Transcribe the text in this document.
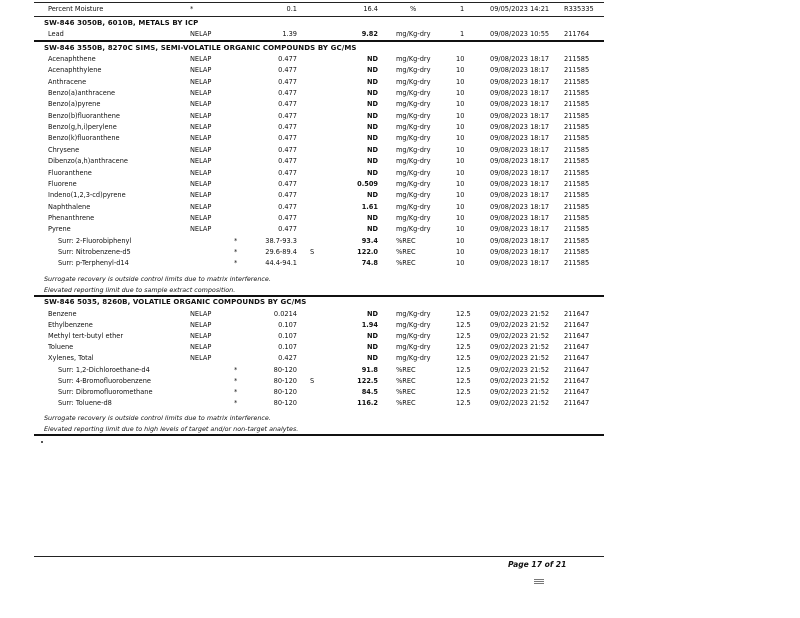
Percent Moisture	*	0.1	16.4	%	1	09/05/2023 14:21 R335335
SW-846 3050B, 6010B, METALS BY ICP
Lead	NELAP	1.39	9.82	mg/Kg-dry	1	09/08/2023 10:55 211764
SW-846 3550B, 8270C SIMS, SEMI-VOLATILE ORGANIC COMPOUNDS BY GC/MS
Acenaphthene	NELAP	0.477	ND	mg/Kg-dry	10	09/08/2023 18:17 211585
Acenaphthylene	NELAP	0.477	ND	mg/Kg-dry	10	09/08/2023 18:17 211585
Anthracene	NELAP	0.477	ND	mg/Kg-dry	10	09/08/2023 18:17 211585
Benzo(a)anthracene	NELAP	0.477	ND	mg/Kg-dry	10	09/08/2023 18:17 211585
Benzo(a)pyrene	NELAP	0.477	ND	mg/Kg-dry	10	09/08/2023 18:17 211585
Benzo(b)fluoranthene	NELAP	0.477	ND	mg/Kg-dry	10	09/08/2023 18:17 211585
Benzo(g,h,i)perylene	NELAP	0.477	ND	mg/Kg-dry	10	09/08/2023 18:17 211585
Benzo(k)fluoranthene	NELAP	0.477	ND	mg/Kg-dry	10	09/08/2023 18:17 211585
Chrysene	NELAP	0.477	ND	mg/Kg-dry	10	09/08/2023 18:17 211585
Dibenzo(a,h)anthracene	NELAP	0.477	ND	mg/Kg-dry	10	09/08/2023 18:17 211585
Fluoranthene	NELAP	0.477	ND	mg/Kg-dry	10	09/08/2023 18:17 211585
Fluorene	NELAP	0.477	0.509	mg/Kg-dry	10	09/08/2023 18:17 211585
Indeno(1,2,3-cd)pyrene	NELAP	0.477	ND	mg/Kg-dry	10	09/08/2023 18:17 211585
Naphthalene	NELAP	0.477	1.61	mg/Kg-dry	10	09/08/2023 18:17 211585
Phenanthrene	NELAP	0.477	ND	mg/Kg-dry	10	09/08/2023 18:17 211585
Pyrene	NELAP	0.477	ND	mg/Kg-dry	10	09/08/2023 18:17 211585
Surr: 2-Fluorobiphenyl	*	38.7-93.3	93.4	%REC	10	09/08/2023 18:17 211585
Surr: Nitrobenzene-d5	*	29.6-89.4 S	122.0	%REC	10	09/08/2023 18:17 211585
Surr: p-Terphenyl-d14	*	44.4-94.1	74.8	%REC	10	09/08/2023 18:17 211585
Surrogate recovery is outside control limits due to matrix interference.
Elevated reporting limit due to sample extract composition.
SW-846 5035, 8260B, VOLATILE ORGANIC COMPOUNDS BY GC/MS
Benzene	NELAP	0.0214	ND	mg/Kg-dry	12.5	09/02/2023 21:52 211647
Ethylbenzene	NELAP	0.107	1.94	mg/Kg-dry	12.5	09/02/2023 21:52 211647
Methyl tert-butyl ether	NELAP	0.107	ND	mg/Kg-dry	12.5	09/02/2023 21:52 211647
Toluene	NELAP	0.107	ND	mg/Kg-dry	12.5	09/02/2023 21:52 211647
Xylenes, Total	NELAP	0.427	ND	mg/Kg-dry	12.5	09/02/2023 21:52 211647
Surr: 1,2-Dichloroethane-d4	*	80-120	91.8	%REC	12.5	09/02/2023 21:52 211647
Surr: 4-Bromofluorobenzene	*	80-120 S	122.5	%REC	12.5	09/02/2023 21:52 211647
Surr: Dibromofluoromethane	*	80-120	84.5	%REC	12.5	09/02/2023 21:52 211647
Surr: Toluene-d8	*	80-120	116.2	%REC	12.5	09/02/2023 21:52 211647
Surrogate recovery is outside control limits due to matrix interference.
Elevated reporting limit due to high levels of target and/or non-target analytes.
Page 17 of 21
